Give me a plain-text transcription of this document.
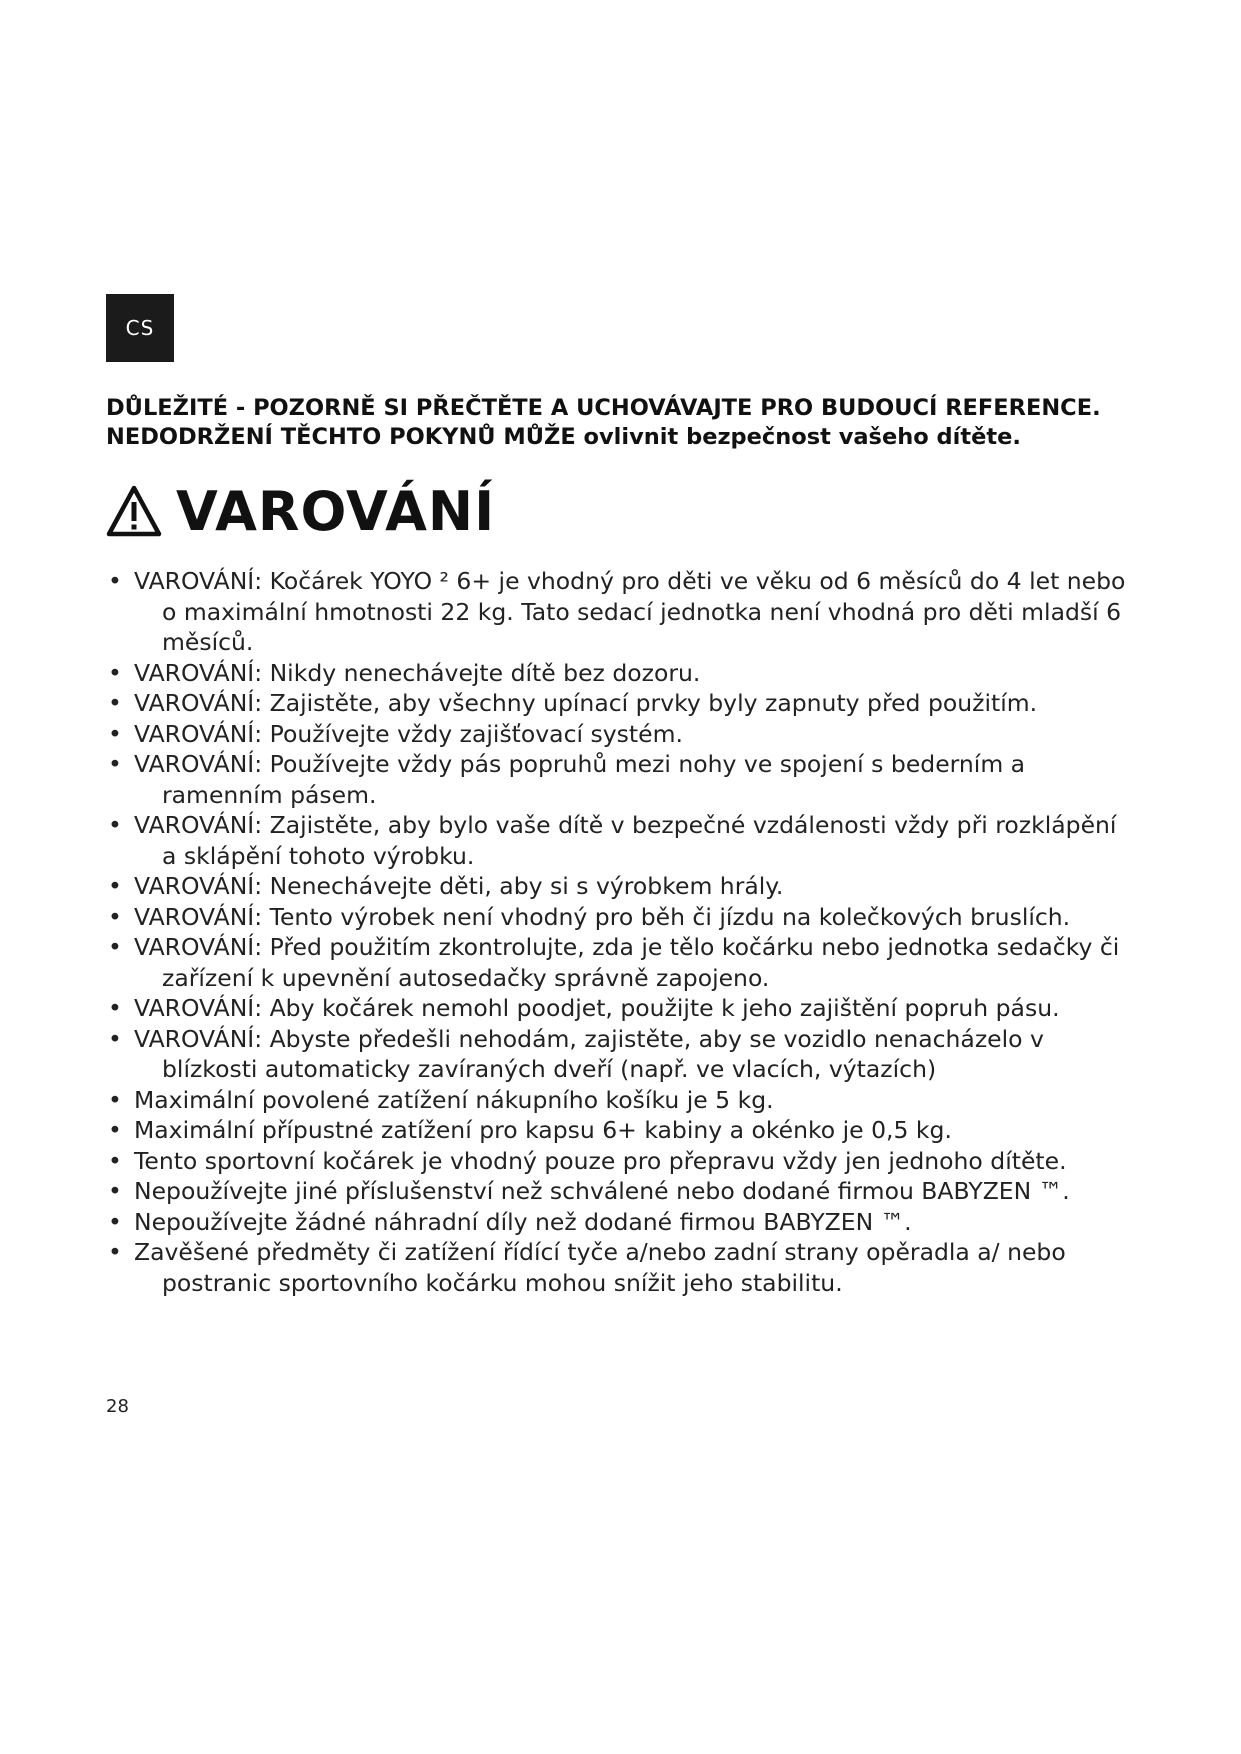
CS
DŮLEŽITÉ - POZORNĚ SI PŘEČTĚTE A UCHOVÁVAJTE PRO BUDOUCÍ REFERENCE.
NEDODRŽENÍ TĚCHTO POKYNŮ MŮŽE ovlivnit bezpečnost vašeho dítěte.
VAROVÁNÍ
• VAROVÁNÍ: Kočárek YOYO ² 6+ je vhodný pro děti ve věku od 6 měsíců do 4 let nebo o maximální hmotnosti 22 kg. Tato sedací jednotka není vhodná pro děti mladší 6 měsíců.
• VAROVÁNÍ: Nikdy nenechávejte dítě bez dozoru.
• VAROVÁNÍ: Zajistěte, aby všechny upínací prvky byly zapnuty před použitím.
• VAROVÁNÍ: Používejte vždy zajišťovací systém.
• VAROVÁNÍ: Používejte vždy pás popruhů mezi nohy ve spojení s bederním a ramenním pásem.
• VAROVÁNÍ: Zajistěte, aby bylo vaše dítě v bezpečné vzdálenosti vždy při rozklápění a sklápění tohoto výrobku.
• VAROVÁNÍ: Nenechávejte děti, aby si s výrobkem hrály.
• VAROVÁNÍ: Tento výrobek není vhodný pro běh či jízdu na kolečkových bruslích.
• VAROVÁNÍ: Před použitím zkontrolujte, zda je tělo kočárku nebo jednotka sedačky či zařízení k upevnění autosedačky správně zapojeno.
• VAROVÁNÍ: Aby kočárek nemohl poodjet, použijte k jeho zajištění popruh pásu.
• VAROVÁNÍ: Abyste předešli nehodám, zajistěte, aby se vozidlo nenacházelo v blízkosti automaticky zavíraných dveří (např. ve vlacích, výtazích)
• Maximální povolené zatížení nákupního košíku je 5 kg.
• Maximální přípustné zatížení pro kapsu 6+ kabiny a okénko je 0,5 kg.
• Tento sportovní kočárek je vhodný pouze pro přepravu vždy jen jednoho dítěte.
• Nepoužívejte jiné příslušenství než schválené nebo dodané firmou BABYZEN ™.
• Nepoužívejte žádné náhradní díly než dodané firmou BABYZEN ™.
• Zavěšené předměty či zatížení řídící tyče a/nebo zadní strany opěradla a/ nebo postranic sportovního kočárku mohou snížit jeho stabilitu.
28
